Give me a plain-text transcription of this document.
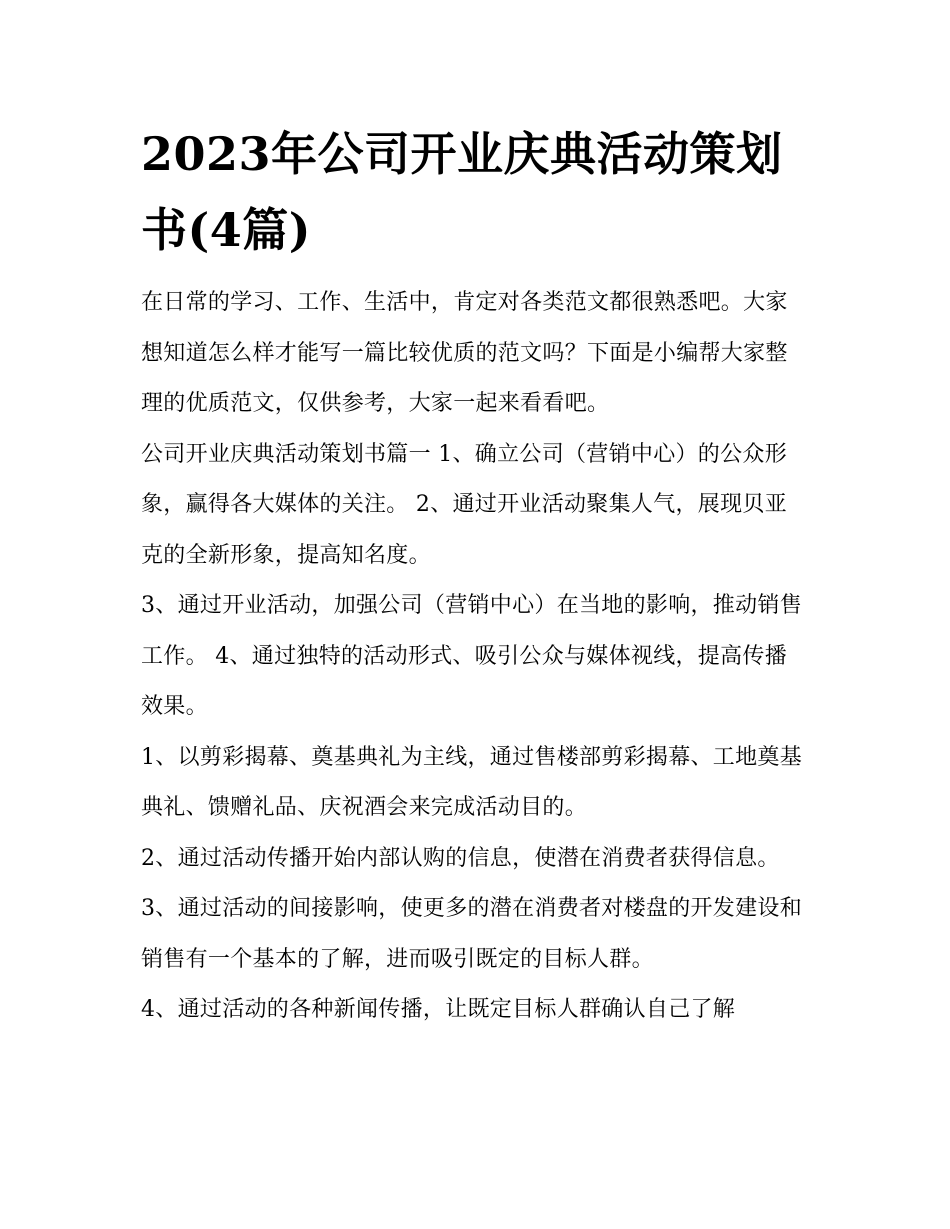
2023年公司开业庆典活动策划书(4篇)

在日常的学习、工作、生活中，肯定对各类范文都很熟悉吧。大家想知道怎么样才能写一篇比较优质的范文吗？下面是小编帮大家整理的优质范文，仅供参考，大家一起来看看吧。

公司开业庆典活动策划书篇一 1、确立公司（营销中心）的公众形象，赢得各大媒体的关注。 2、通过开业活动聚集人气，展现贝亚克的全新形象，提高知名度。

3、通过开业活动，加强公司（营销中心）在当地的影响，推动销售工作。 4、通过独特的活动形式、吸引公众与媒体视线，提高传播效果。

1、以剪彩揭幕、奠基典礼为主线，通过售楼部剪彩揭幕、工地奠基典礼、馈赠礼品、庆祝酒会来完成活动目的。

2、通过活动传播开始内部认购的信息，使潜在消费者获得信息。

3、通过活动的间接影响，使更多的潜在消费者对楼盘的开发建设和销售有一个基本的了解，进而吸引既定的目标人群。

4、通过活动的各种新闻传播，让既定目标人群确认自己了解
